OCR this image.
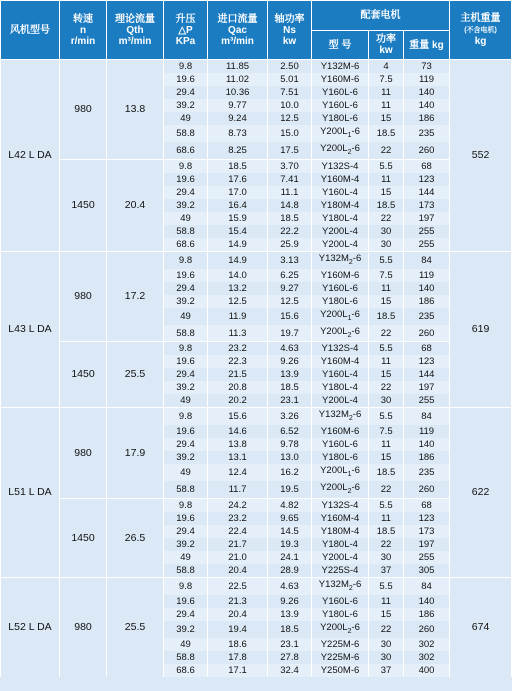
风机型号	转速
n
r/min	理论流量
Qth
m³/min	升压
△P
KPa	进口流量
Qac
m³/min	轴功率
Ns
kw	配套电机			主机重量
(不含电机)
kg
						型 号	功率
kw	重量 kg	
L42 L DA	980	13.8	9.8	11.85	2.50	Y132M-6	4	73	552
			19.6	11.02	5.01	Y160M-6	7.5	119	
			29.4	10.36	7.51	Y160L-6	11	140	
			39.2	9.77	10.0	Y160L-6	11	140	
			49	9.24	12.5	Y180L-6	15	186	
			58.8	8.73	15.0	$Y200L_1-6$	18.5	235	
			68.6	8.25	17.5	$Y200L_2-6$	22	260	
	1450	20.4	9.8	18.5	3.70	Y132S-4	5.5	68	
			19.6	17.6	7.41	Y160M-4	11	123	
			29.4	17.0	11.1	Y160L-4	15	144	
			39.2	16.4	14.8	Y180M-4	18.5	173	
			49	15.9	18.5	Y180L-4	22	197	
			58.8	15.4	22.2	Y200L-4	30	255	
			68.6	14.9	25.9	Y200L-4	30	255	
L43 L DA	980	17.2	9.8	14.9	3.13	$Y132M_2-6$	5.5	84	619
			19.6	14.0	6.25	Y160M-6	7.5	119	
			29.4	13.2	9.27	Y160L-6	11	140	
			39.2	12.5	12.5	Y180L-6	15	186	
			49	11.9	15.6	$Y200L_1-6$	18.5	235	
			58.8	11.3	19.7	$Y200L_2-6$	22	260	
	1450	25.5	9.8	23.2	4.63	Y132S-4	5.5	68	
			19.6	22.3	9.26	Y160M-4	11	123	
			29.4	21.5	13.9	Y160L-4	15	144	
			39.2	20.8	18.5	Y180L-4	22	197	
			49	20.2	23.1	Y200L-4	30	255	
L51 L DA	980	17.9	9.8	15.6	3.26	$Y132M_2-6$	5.5	84	622
			19.6	14.6	6.52	Y160M-6	7.5	119	
			29.4	13.8	9.78	Y160L-6	11	140	
			39.2	13.1	13.0	Y180L-6	15	186	
			49	12.4	16.2	$Y200L_1-6$	18.5	235	
			58.8	11.7	19.5	$Y200L_2-6$	22	260	
	1450	26.5	9.8	24.2	4.82	Y132S-4	5.5	68	
			19.6	23.2	9.65	Y160M-4	11	123	
			29.4	22.4	14.5	Y180M-4	18.5	173	
			39.2	21.7	19.3	Y180L-4	22	197	
			49	21.0	24.1	Y200L-4	30	255	
			58.8	20.4	28.9	Y225S-4	37	305	
L52 L DA	980	25.5	9.8	22.5	4.63	$Y132M_2-6$	5.5	84	674
			19.6	21.3	9.26	Y160L-6	11	140	
			29.4	20.4	13.9	Y180L-6	15	186	
			39.2	19.4	18.5	$Y200L_2-6$	22	260	
			49	18.6	23.1	Y225M-6	30	302	
			58.8	17.8	27.8	Y225M-6	30	302	
			68.6	17.1	32.4	Y250M-6	37	400	
